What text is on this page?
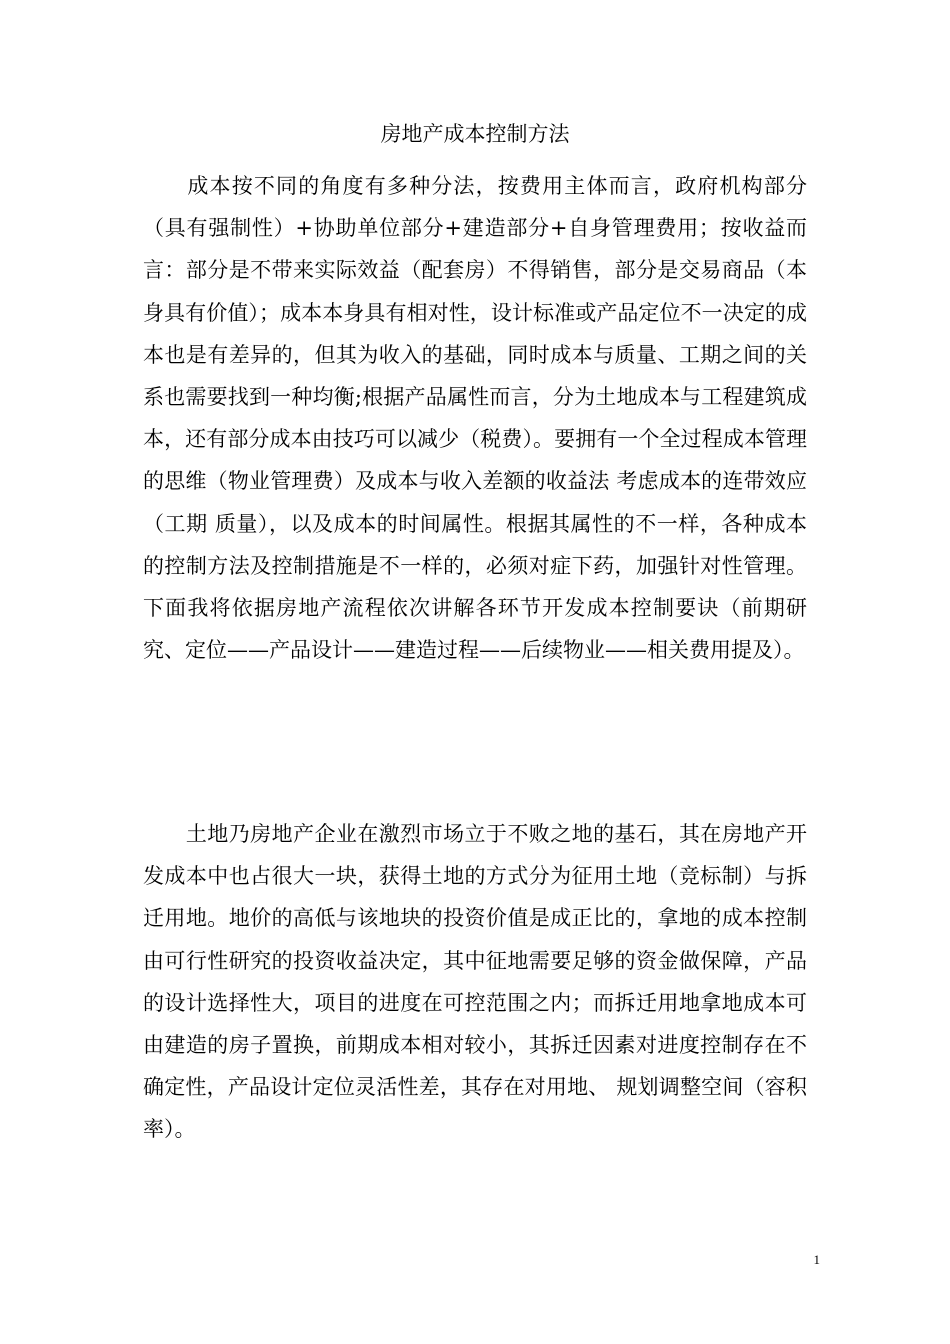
房地产成本控制方法
　　成本按不同的角度有多种分法，按费用主体而言，政府机构部分（具有强制性）+协助单位部分+建造部分+自身管理费用；按收益而言：部分是不带来实际效益（配套房）不得销售，部分是交易商品（本身具有价值）；成本本身具有相对性，设计标准或产品定位不一决定的成本也是有差异的，但其为收入的基础，同时成本与质量、工期之间的关系也需要找到一种均衡;根据产品属性而言，分为土地成本与工程建筑成本，还有部分成本由技巧可以减少（税费）。要拥有一个全过程成本管理的思维（物业管理费）及成本与收入差额的收益法 考虑成本的连带效应（工期 质量），以及成本的时间属性。根据其属性的不一样，各种成本的控制方法及控制措施是不一样的，必须对症下药，加强针对性管理。下面我将依据房地产流程依次讲解各环节开发成本控制要诀（前期研究、定位——产品设计——建造过程——后续物业——相关费用提及）。
　　土地乃房地产企业在激烈市场立于不败之地的基石，其在房地产开发成本中也占很大一块，获得土地的方式分为征用土地（竞标制）与拆迁用地。地价的高低与该地块的投资价值是成正比的，拿地的成本控制由可行性研究的投资收益决定，其中征地需要足够的资金做保障，产品的设计选择性大，项目的进度在可控范围之内；而拆迁用地拿地成本可由建造的房子置换，前期成本相对较小，其拆迁因素对进度控制存在不确定性，产品设计定位灵活性差，其存在对用地、 规划调整空间（容积率）。
1
